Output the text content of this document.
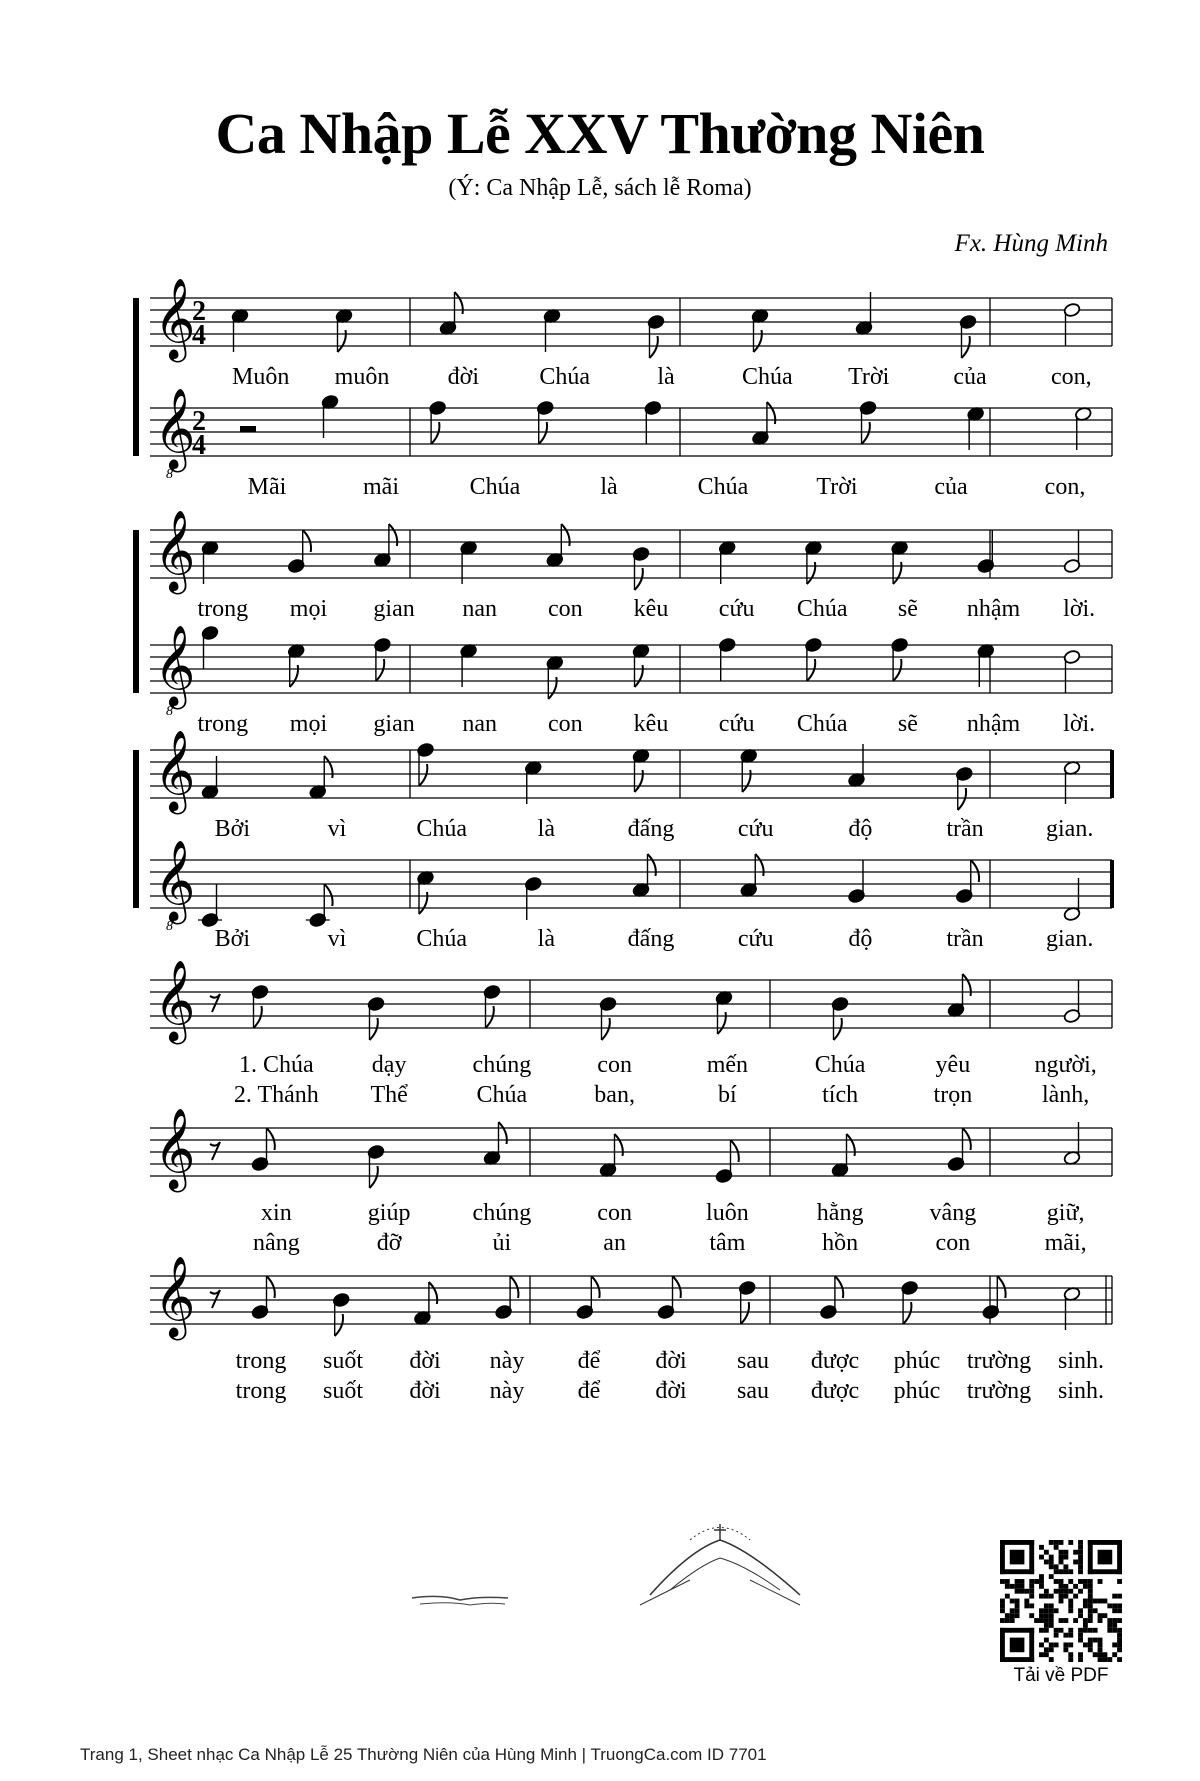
Ca Nhập Lễ XXV Thường Niên
(Ý: Ca Nhập Lễ, sách lễ Roma)
Fx. Hùng Minh
𝄞
2
4
Muôn muôn đời	Chúa	là	Chúa Trời	của	con,
𝄞
8
2
4
Mãi	mãi	Chúa	là	Chúa	Trời	của	con,
𝄞
trong mọi gian nan con kêu cứu Chúa sẽ nhậm lời.
𝄞
8 trong mọi gian nan con kêu cứu Chúa sẽ nhậm lời.
𝄞
Bởi	vì	Chúa	là	đấng	cứu	độ	trần	gian.
𝄞
8 Bởi	vì	Chúa	là	đấng	cứu	độ	trần	gian.
𝄞
1. Chúa dạy	chúng	con	mến	Chúa	yêu	người,
2. Thánh Thể	Chúa	ban,	bí	tích	trọn	lành,
𝄞
xin	giúp	chúng	con	luôn	hằng	vâng	giữ,
nâng	đỡ	ủi	an	tâm	hồn	con	mãi,
𝄞
trong suốt đời này để đời sau được phúc trường sinh.
trong suốt đời này để đời sau được phúc trường sinh.
Tải về PDF
Trang 1, Sheet nhạc Ca Nhập Lễ 25 Thường Niên của Hùng Minh | TruongCa.com ID 7701
